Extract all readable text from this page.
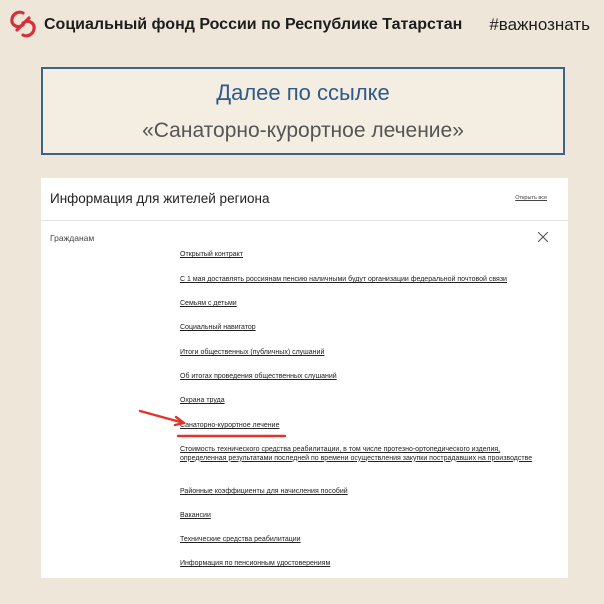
Социальный фонд России по Республике Татарстан #важнознать
Далее по ссылке
«Санаторно-курортное лечение»
Информация для жителей региона	Открыть все
Гражданам
Открытый контракт
С 1 мая доставлять россиянам пенсию наличными будут организации федеральной почтовой связи
Семьям с детьми
Социальный навигатор
Итоги общественных (публичных) слушаний
Об итогах проведения общественных слушаний
Охрана труда
Санаторно-курортное лечение
Стоимость технического средства реабилитации, в том числе протезно-ортопедического изделия, определенная результатами последней по времени осуществления закупки пострадавших на производстве
Районные коэффициенты для начисления пособий
Вакансии
Технические средства реабилитации
Информация по пенсионным удостоверениям
